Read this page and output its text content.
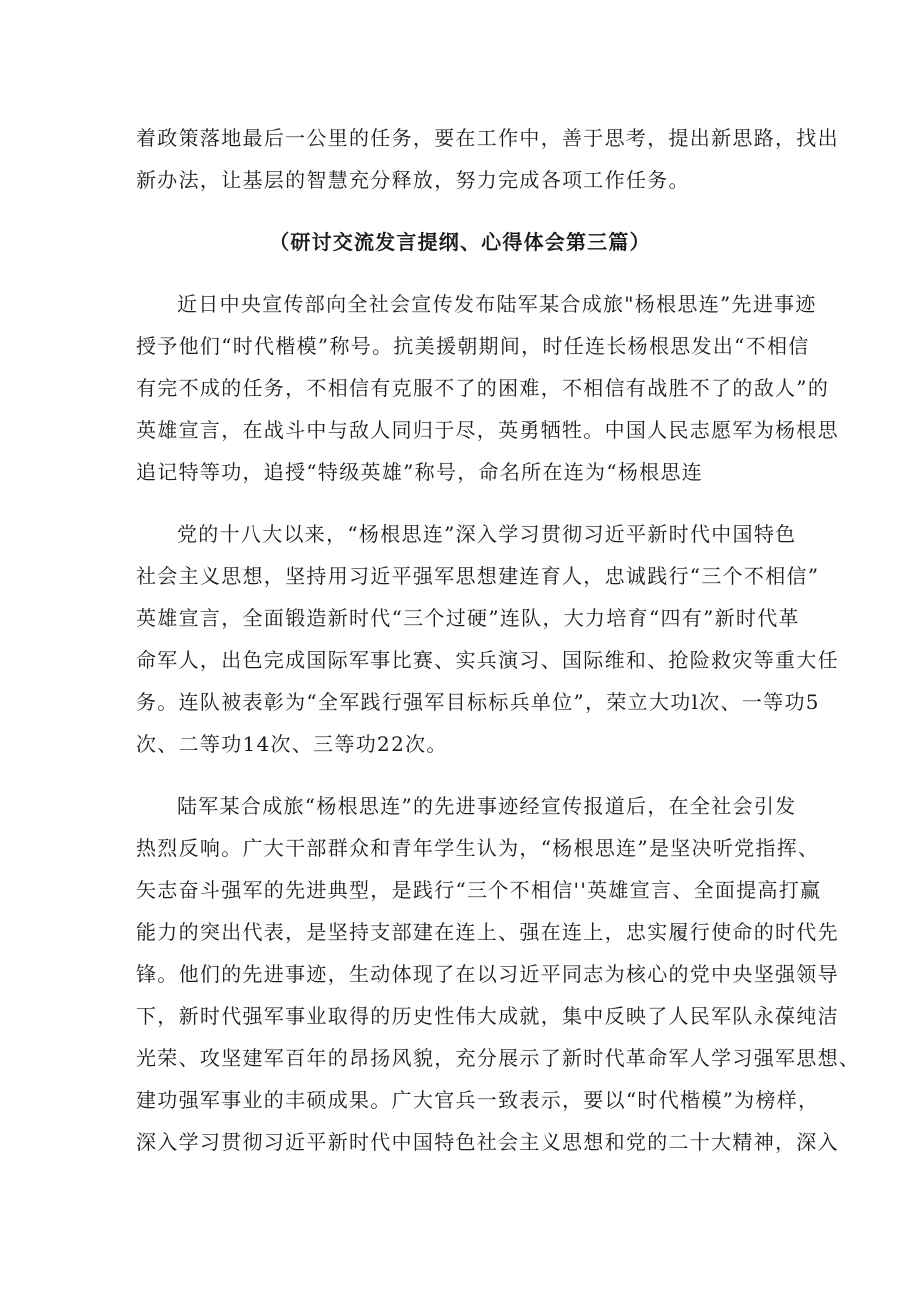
着政策落地最后一公里的任务，要在工作中，善于思考，提出新思路，找出
新办法，让基层的智慧充分释放，努力完成各项工作任务。
（研讨交流发言提纲、心得体会第三篇）
近日中央宣传部向全社会宣传发布陆军某合成旅"杨根思连”先进事迹
授予他们“时代楷模”称号。抗美援朝期间，时任连长杨根思发出“不相信
有完不成的任务，不相信有克服不了的困难，不相信有战胜不了的敌人”的
英雄宣言，在战斗中与敌人同归于尽，英勇牺牲。中国人民志愿军为杨根思
追记特等功，追授“特级英雄”称号，命名所在连为“杨根思连
党的十八大以来，“杨根思连”深入学习贯彻习近平新时代中国特色
社会主义思想，坚持用习近平强军思想建连育人，忠诚践行“三个不相信”
英雄宣言，全面锻造新时代“三个过硬”连队，大力培育“四有”新时代革
命军人，出色完成国际军事比赛、实兵演习、国际维和、抢险救灾等重大任
务。连队被表彰为“全军践行强军目标标兵单位”，荣立大功l次、一等功5
次、二等功14次、三等功22次。
陆军某合成旅“杨根思连”的先进事迹经宣传报道后，在全社会引发
热烈反响。广大干部群众和青年学生认为，“杨根思连”是坚决听党指挥、
矢志奋斗强军的先进典型，是践行“三个不相信''英雄宣言、全面提高打赢
能力的突出代表，是坚持支部建在连上、强在连上，忠实履行使命的时代先
锋。他们的先进事迹，生动体现了在以习近平同志为核心的党中央坚强领导
下，新时代强军事业取得的历史性伟大成就，集中反映了人民军队永葆纯洁
光荣、攻坚建军百年的昂扬风貌，充分展示了新时代革命军人学习强军思想、
建功强军事业的丰硕成果。广大官兵一致表示，要以“时代楷模”为榜样，
深入学习贯彻习近平新时代中国特色社会主义思想和党的二十大精神，深入
